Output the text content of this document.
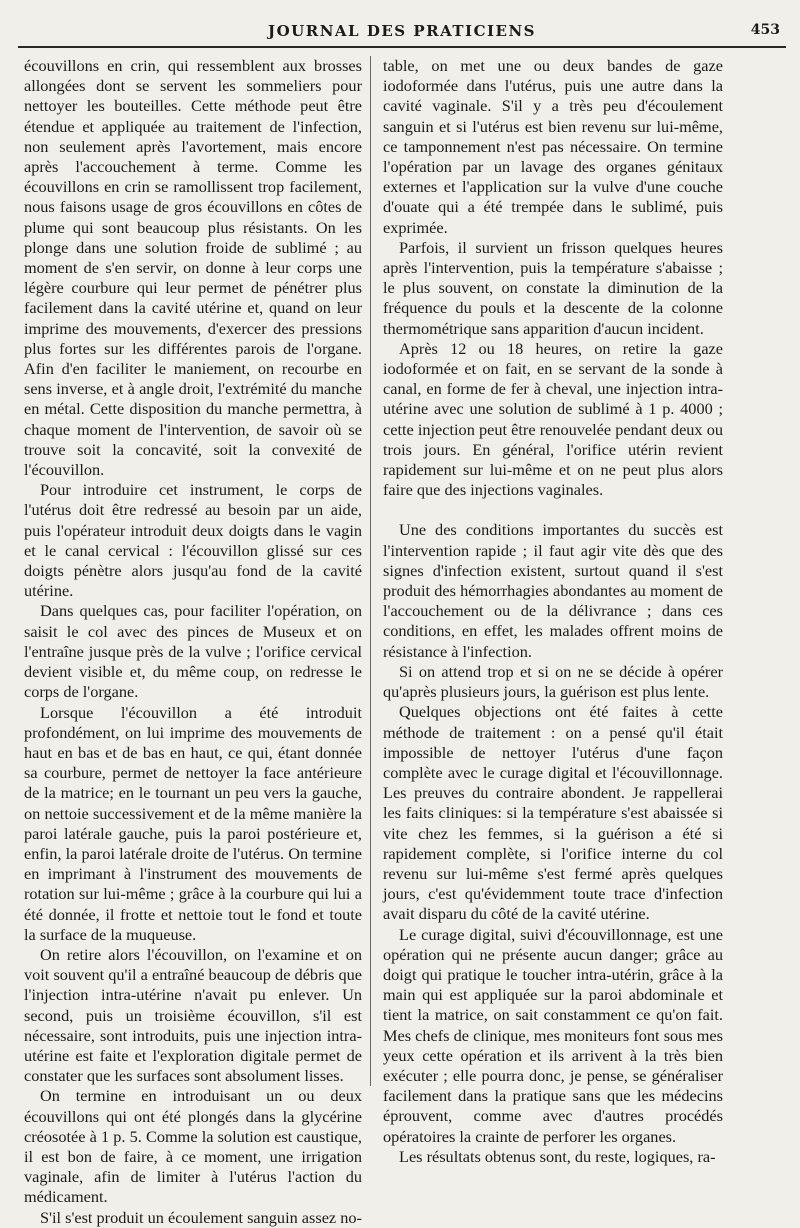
JOURNAL DES PRATICIENS	453

écouvillons en crin, qui ressemblent aux brosses allongées dont se servent les sommeliers pour nettoyer les bouteilles. Cette méthode peut être étendue et appliquée au traitement de l'infection, non seulement après l'avortement, mais encore après l'accouchement à terme. Comme les écouvillons en crin se ramollissent trop facilement, nous faisons usage de gros écouvillons en côtes de plume qui sont beaucoup plus résistants. On les plonge dans une solution froide de sublimé ; au moment de s'en servir, on donne à leur corps une légère courbure qui leur permet de pénétrer plus facilement dans la cavité utérine et, quand on leur imprime des mouvements, d'exercer des pressions plus fortes sur les différentes parois de l'organe. Afin d'en faciliter le maniement, on recourbe en sens inverse, et à angle droit, l'extrémité du manche en métal. Cette disposition du manche permettra, à chaque moment de l'intervention, de savoir où se trouve soit la concavité, soit la convexité de l'écouvillon.

Pour introduire cet instrument, le corps de l'utérus doit être redressé au besoin par un aide, puis l'opérateur introduit deux doigts dans le vagin et le canal cervical : l'écouvillon glissé sur ces doigts pénètre alors jusqu'au fond de la cavité utérine.

Dans quelques cas, pour faciliter l'opération, on saisit le col avec des pinces de Museux et on l'entraîne jusque près de la vulve ; l'orifice cervical devient visible et, du même coup, on redresse le corps de l'organe.

Lorsque l'écouvillon a été introduit profondément, on lui imprime des mouvements de haut en bas et de bas en haut, ce qui, étant donnée sa courbure, permet de nettoyer la face antérieure de la matrice; en le tournant un peu vers la gauche, on nettoie successivement et de la même manière la paroi latérale gauche, puis la paroi postérieure et, enfin, la paroi latérale droite de l'utérus. On termine en imprimant à l'instrument des mouvements de rotation sur lui-même ; grâce à la courbure qui lui a été donnée, il frotte et nettoie tout le fond et toute la surface de la muqueuse.

On retire alors l'écouvillon, on l'examine et on voit souvent qu'il a entraîné beaucoup de débris que l'injection intra-utérine n'avait pu enlever. Un second, puis un troisième écouvillon, s'il est nécessaire, sont introduits, puis une injection intra-utérine est faite et l'exploration digitale permet de constater que les surfaces sont absolument lisses.

On termine en introduisant un ou deux écouvillons qui ont été plongés dans la glycérine créosotée à 1 p. 5. Comme la solution est caustique, il est bon de faire, à ce moment, une irrigation vaginale, afin de limiter à l'utérus l'action du médicament.

S'il s'est produit un écoulement sanguin assez no-

table, on met une ou deux bandes de gaze iodoformée dans l'utérus, puis une autre dans la cavité vaginale. S'il y a très peu d'écoulement sanguin et si l'utérus est bien revenu sur lui-même, ce tamponnement n'est pas nécessaire. On termine l'opération par un lavage des organes génitaux externes et l'application sur la vulve d'une couche d'ouate qui a été trempée dans le sublimé, puis exprimée.

Parfois, il survient un frisson quelques heures après l'intervention, puis la température s'abaisse ; le plus souvent, on constate la diminution de la fréquence du pouls et la descente de la colonne thermométrique sans apparition d'aucun incident.

Après 12 ou 18 heures, on retire la gaze iodoformée et on fait, en se servant de la sonde à canal, en forme de fer à cheval, une injection intra-utérine avec une solution de sublimé à 1 p. 4000 ; cette injection peut être renouvelée pendant deux ou trois jours. En général, l'orifice utérin revient rapidement sur lui-même et on ne peut plus alors faire que des injections vaginales.

Une des conditions importantes du succès est l'intervention rapide ; il faut agir vite dès que des signes d'infection existent, surtout quand il s'est produit des hémorrhagies abondantes au moment de l'accouchement ou de la délivrance ; dans ces conditions, en effet, les malades offrent moins de résistance à l'infection.

Si on attend trop et si on ne se décide à opérer qu'après plusieurs jours, la guérison est plus lente.

Quelques objections ont été faites à cette méthode de traitement : on a pensé qu'il était impossible de nettoyer l'utérus d'une façon complète avec le curage digital et l'écouvillonnage. Les preuves du contraire abondent. Je rappellerai les faits cliniques: si la température s'est abaissée si vite chez les femmes, si la guérison a été si rapidement complète, si l'orifice interne du col revenu sur lui-même s'est fermé après quelques jours, c'est qu'évidemment toute trace d'infection avait disparu du côté de la cavité utérine.

Le curage digital, suivi d'écouvillonnage, est une opération qui ne présente aucun danger; grâce au doigt qui pratique le toucher intra-utérin, grâce à la main qui est appliquée sur la paroi abdominale et tient la matrice, on sait constamment ce qu'on fait. Mes chefs de clinique, mes moniteurs font sous mes yeux cette opération et ils arrivent à la très bien exécuter ; elle pourra donc, je pense, se généraliser facilement dans la pratique sans que les médecins éprouvent, comme avec d'autres procédés opératoires la crainte de perforer les organes.

Les résultats obtenus sont, du reste, logiques, ra-
